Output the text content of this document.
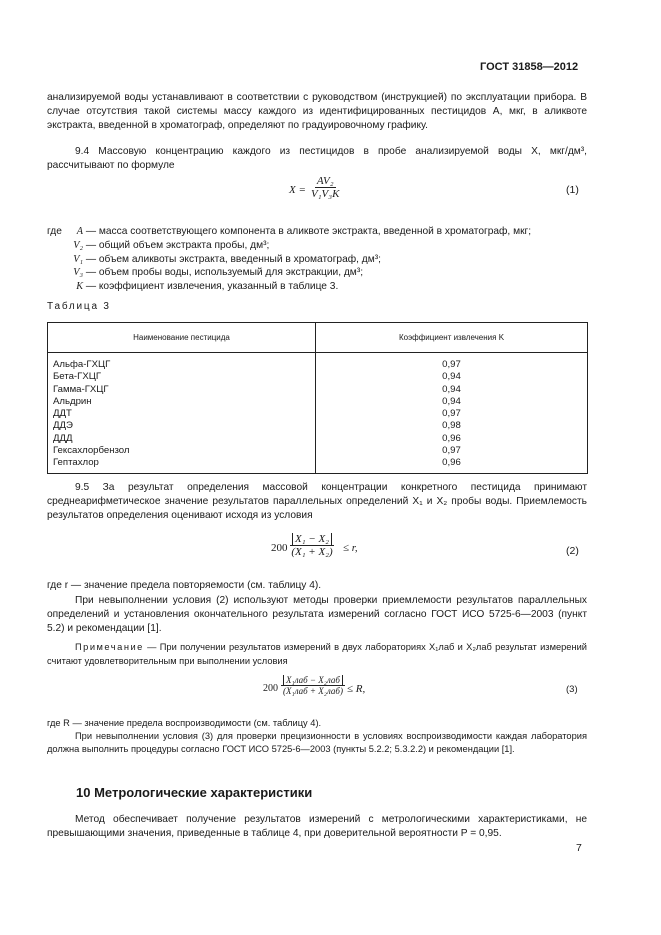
ГОСТ 31858—2012

анализируемой воды устанавливают в соответствии с руководством (инструкцией) по эксплуатации прибора. В случае отсутствия такой системы массу каждого из идентифицированных пестицидов A, мкг, в аликвоте экстракта, введенной в хроматограф, определяют по градуировочному графику.

9.4 Массовую концентрацию каждого из пестицидов в пробе анализируемой воды X, мкг/дм³, рассчитывают по формуле

$X = \frac{\text{AV₂}}{\text{V₁V₃K}}$	(1)
где A — масса соответствующего компонента в аликвоте экстракта, введенной в хроматограф, мкг;
V₂ — общий объем экстракта пробы, дм³;
V₁ — объем аликвоты экстракта, введенный в хроматограф, дм³;
V₃ — объем пробы воды, используемый для экстракции, дм³;
K — коэффициент извлечения, указанный в таблице 3.
Таблица 3
Наименование пестицида	Коэффициент извлечения K
Альфа-ГХЦГ	0,97
Бета-ГХЦГ	0,94
Гамма-ГХЦГ	0,94
Альдрин	0,94
ДДТ	0,97
ДДЭ	0,98
ДДД	0,96
Гексахлорбензол	0,97
Гептахлор	0,96

9.5 За результат определения массовой концентрации конкретного пестицида принимают среднеарифметическое значение результатов параллельных определений X₁ и X₂ пробы воды. Приемлемость результатов определения оценивают исходя из условия

$200 \frac{\text{X₁ − X₂}}{\text{(X₁ + X₂)}} \le r$,	(2)

где r — значение предела повторяемости (см. таблицу 4).

При невыполнении условия (2) используют методы проверки приемлемости результатов параллельных определений и установления окончательного результата измерений согласно ГОСТ ИСО 5725-6—2003 (пункт 5.2) и рекомендации [1].

Примечание — При получении результатов измерений в двух лабораториях X₁лаб и X₂лаб результат измерений считают удовлетворительным при выполнении условия

200
X₁лаб − X₂лаб
(X₁лаб + X₂лаб) ≤ R,	(3)

где R — значение предела воспроизводимости (см. таблицу 4).

При невыполнении условия (3) для проверки прецизионности в условиях воспроизводимости каждая лаборатория должна выполнить процедуры согласно ГОСТ ИСО 5725-6—2003 (пункты 5.2.2; 5.3.2.2) и рекомендации [1].

10 Метрологические характеристики

Метод обеспечивает получение результатов измерений с метрологическими характеристиками, не превышающими значения, приведенные в таблице 4, при доверительной вероятности P = 0,95.

7
